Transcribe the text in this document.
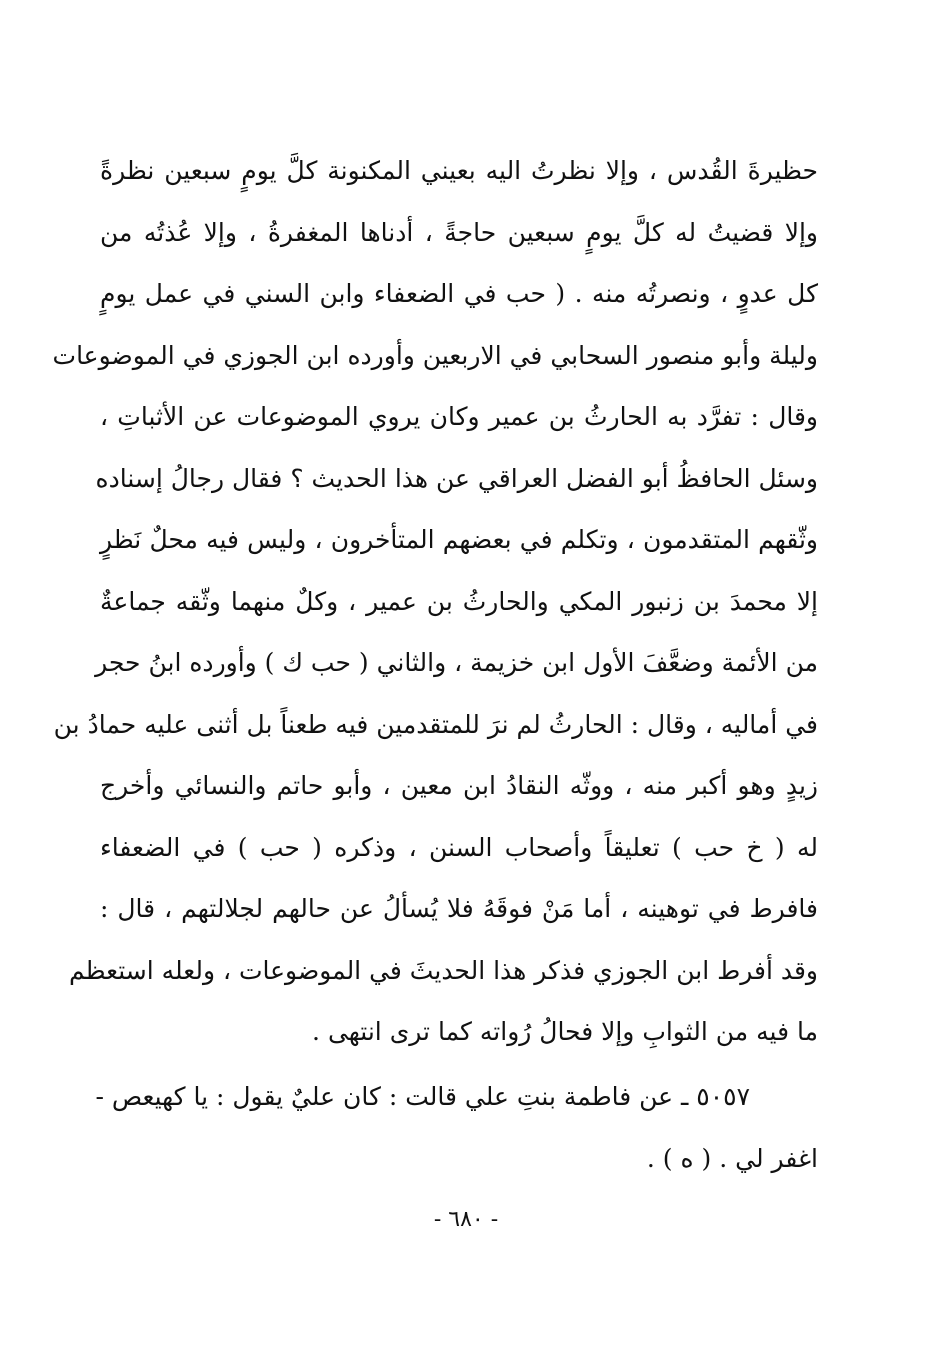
حظيرةَ القُدس ، وإلا نظرتُ اليه بعيني المكنونة كلَّ يومٍ سبعين نظرةً
وإلا قضيتُ له كلَّ يومٍ سبعين حاجةً ، أدناها المغفرةُ ، وإلا عُذتُه من
كل عدوٍ ، ونصرتُه منه . ( حب في الضعفاء وابن السني في عمل يومٍ
وليلة وأبو منصور السحابي في الاربعين وأورده ابن الجوزي في الموضوعات
وقال : تفرَّد به الحارثُ بن عمير وكان يروي الموضوعات عن الأثباتِ ،
وسئل الحافظُ أبو الفضل العراقي عن هذا الحديث ؟ فقال رجالُ إسناده
وثّقهم المتقدمون ، وتكلم في بعضهم المتأخرون ، وليس فيه محلٌ نَظرٍ
إلا محمدَ بن زنبور المكي والحارثُ بن عمير ، وكلٌ منهما وثّقه جماعةٌ
من الأئمة وضعَّفَ الأول ابن خزيمة ، والثاني ( حب ك ) وأورده ابنُ حجر
في أماليه ، وقال : الحارثُ لم نرَ للمتقدمين فيه طعناً بل أثنى عليه حمادُ بن
زيدٍ وهو أكبر منه ، ووثّه النقادُ ابن معين ، وأبو حاتم والنسائي وأخرج
له ( خ حب ) تعليقاً وأصحاب السنن ، وذكره ( حب ) في الضعفاء
فافرط في توهينه ، أما مَنْ فوقَهُ فلا يُسألُ عن حالهم لجلالتهم ، قال :
وقد أفرط ابن الجوزي فذكر هذا الحديثَ في الموضوعات ، ولعله استعظم
ما فيه من الثوابِ وإلا فحالُ رُواته كما ترى انتهى .
٥٠٥٧ ـ عن فاطمة بنتِ علي قالت : كان عليٌ يقول : يا كهيعص -
اغفر لي . ( ه ) .
- ٦٨٠ -
